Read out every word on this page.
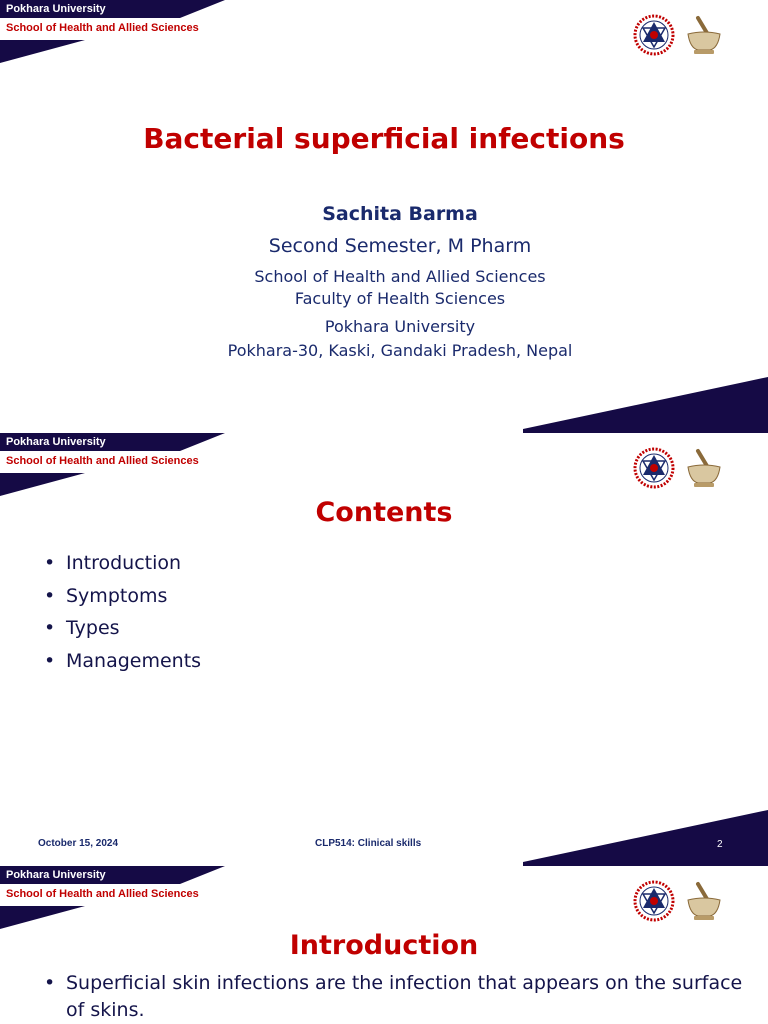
Pokhara University
School of Health and Allied Sciences
Bacterial superficial infections
Sachita Barma
Second Semester, M Pharm
School of Health and Allied Sciences
Faculty of Health Sciences
Pokhara University
Pokhara-30, Kaski, Gandaki Pradesh, Nepal
Pokhara University
School of Health and Allied Sciences
Contents
• Introduction
• Symptoms
• Types
• Managements
October 15, 2024	CLP514: Clinical skills	2
Pokhara University
School of Health and Allied Sciences
Introduction
• Superficial skin infections are the infection that appears on the surface of skins.
